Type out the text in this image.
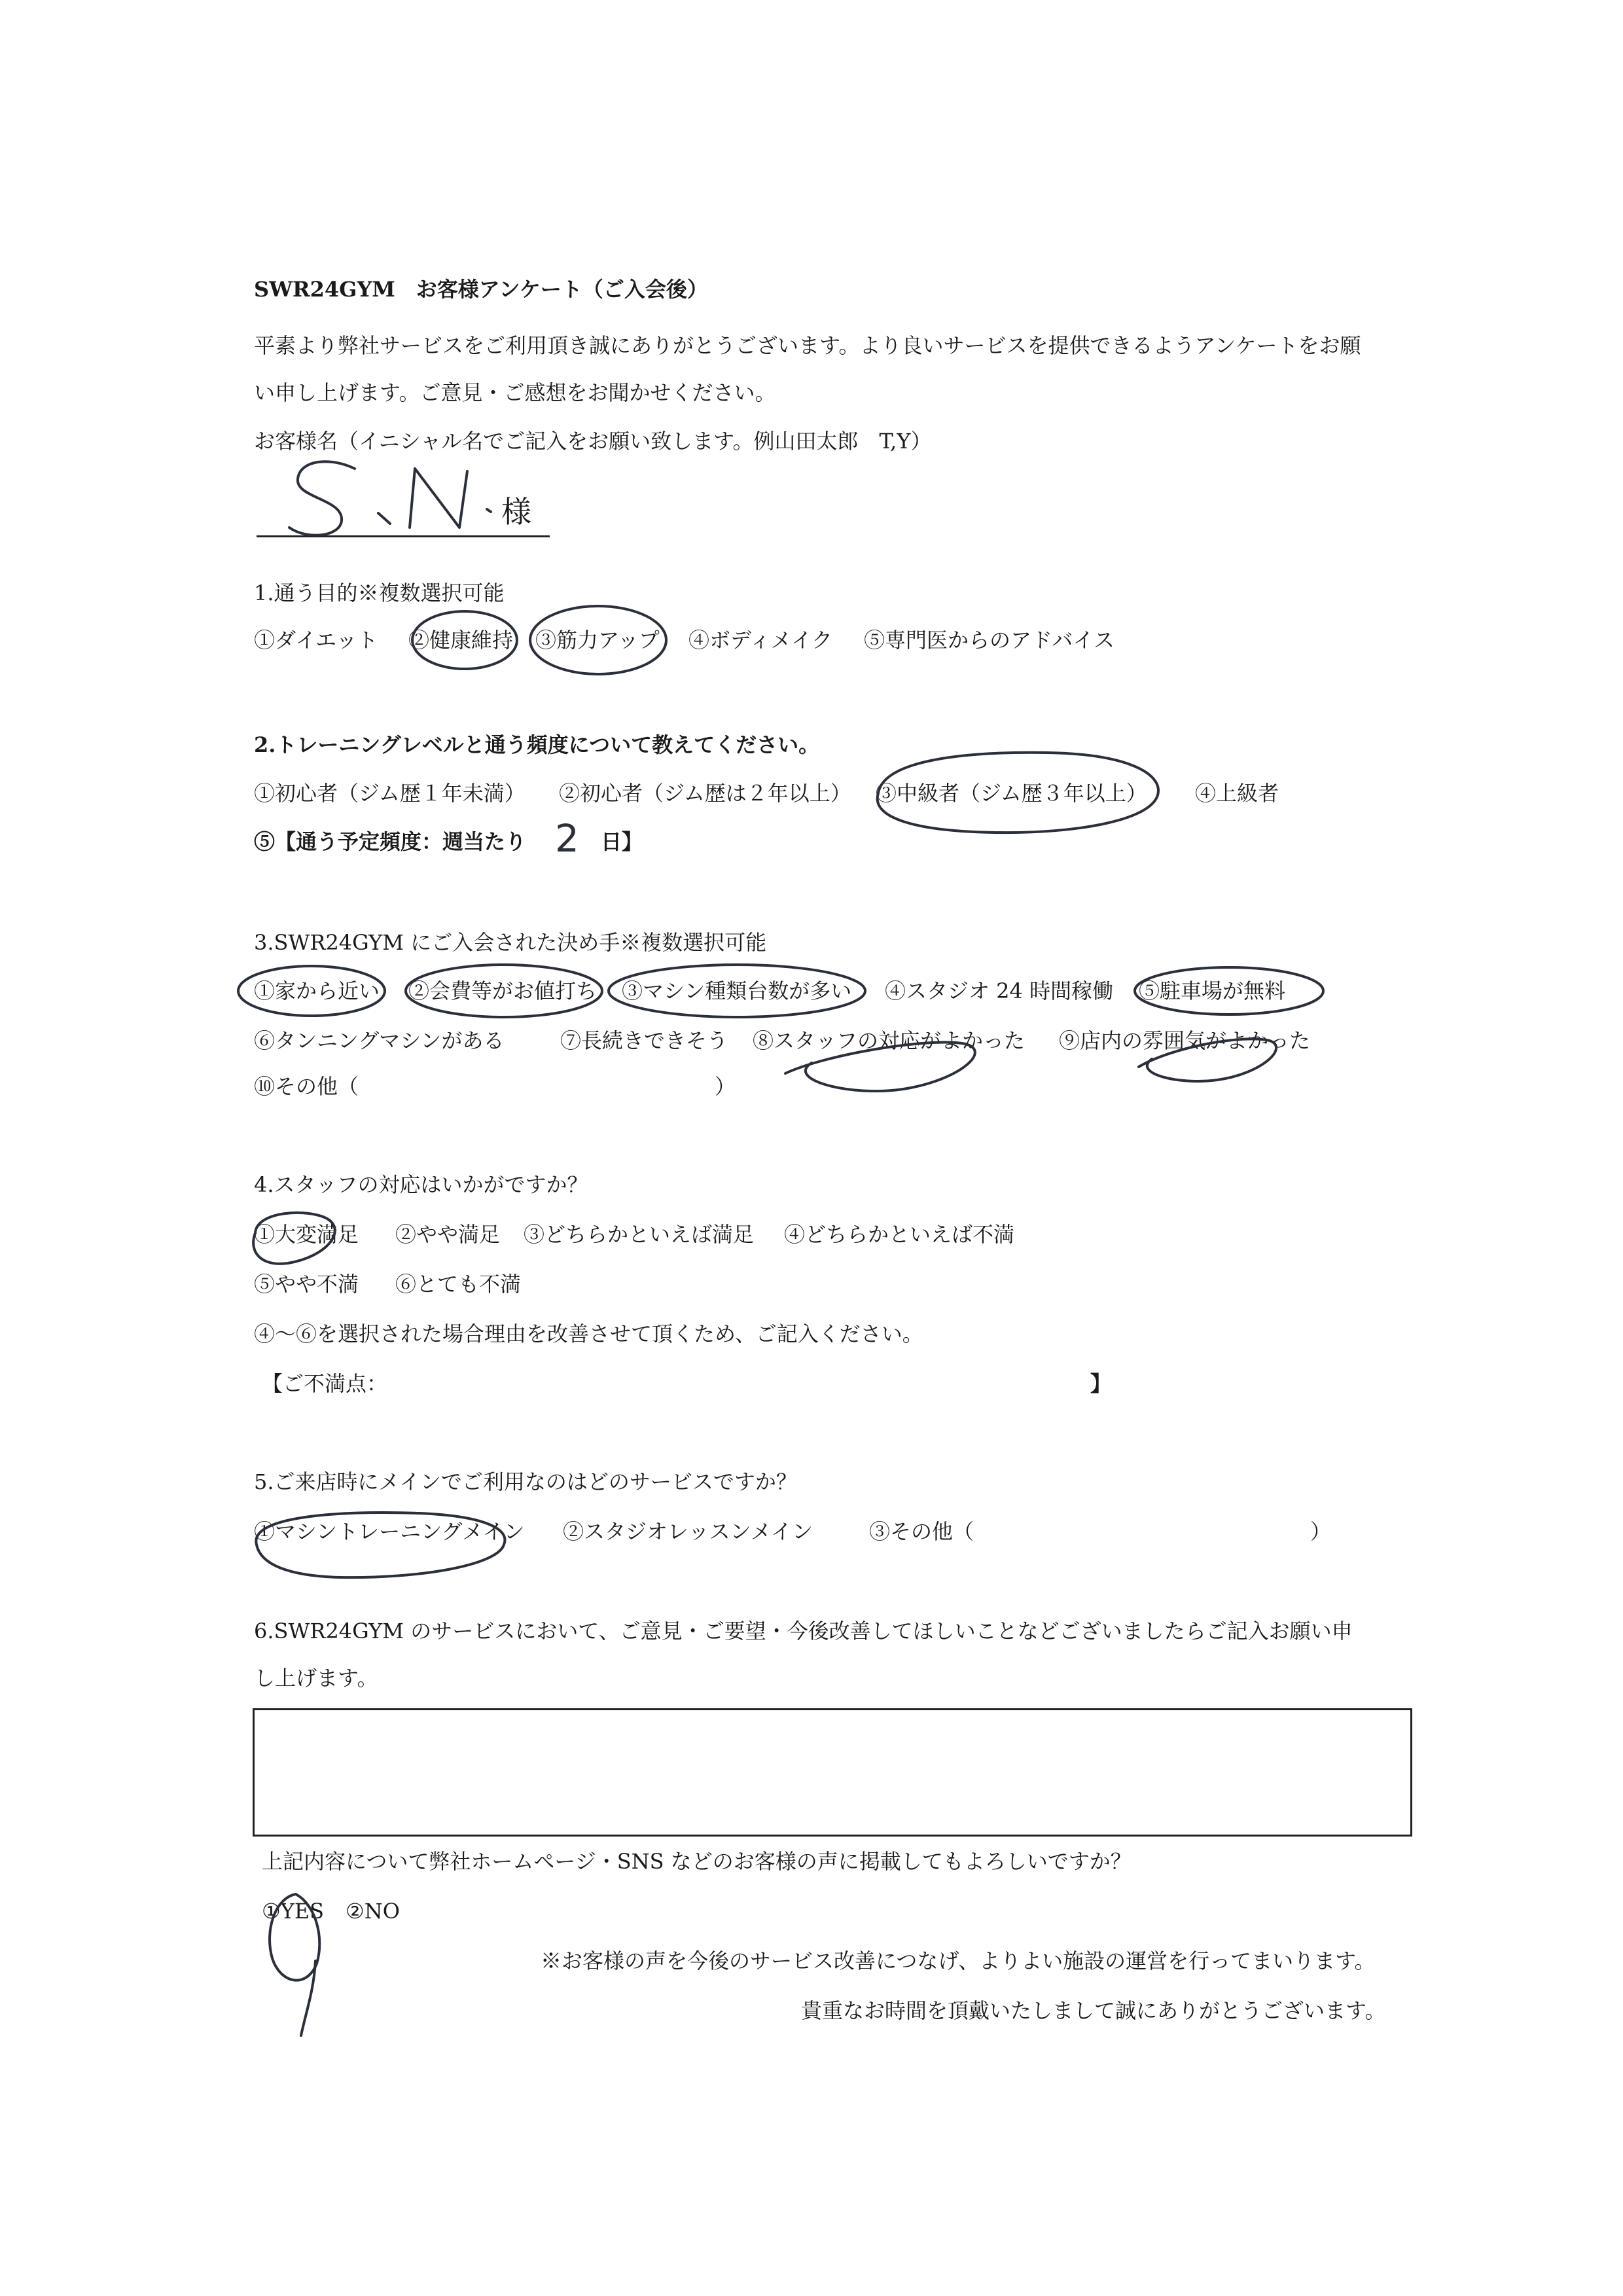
SWR24GYM　お客様アンケート（ご入会後）
平素より弊社サービスをご利用頂き誠にありがとうございます。より良いサービスを提供できるようアンケートをお願
い申し上げます。ご意見・ご感想をお聞かせください。
お客様名（イニシャル名でご記入をお願い致します。例山田太郎　T,Y）
様
1.通う目的※複数選択可能
①ダイエット ②健康維持 ③筋力アップ ④ボディメイク ⑤専門医からのアドバイス
2.トレーニングレベルと通う頻度について教えてください。
①初心者（ジム歴１年未満） ②初心者（ジム歴は２年以上） ③中級者（ジム歴３年以上） ④上級者
⑤【通う予定頻度：週当たり 2 日】
3.SWR24GYM にご入会された決め手※複数選択可能
①家から近い ②会費等がお値打ち ③マシン種類台数が多い ④スタジオ 24 時間稼働 ⑤駐車場が無料
⑥タンニングマシンがある	⑦長続きできそう ⑧スタッフの対応がよかった ⑨店内の雰囲気がよかった
⑩その他（　　　　　　　　　　　　　　　　　）
4.スタッフの対応はいかがですか？
①大変満足 ②やや満足 ③どちらかといえば満足 ④どちらかといえば不満
⑤やや不満 ⑥とても不満
④～⑥を選択された場合理由を改善させて頂くため、ご記入ください。
【ご不満点：	】
5.ご来店時にメインでご利用なのはどのサービスですか？
①マシントレーニングメイン ②スタジオレッスンメイン	③その他（	）
6.SWR24GYM のサービスにおいて、ご意見・ご要望・今後改善してほしいことなどございましたらご記入お願い申
し上げます。
上記内容について弊社ホームページ・SNS などのお客様の声に掲載してもよろしいですか？
①YES ②NO
※お客様の声を今後のサービス改善につなげ、よりよい施設の運営を行ってまいります。
貴重なお時間を頂戴いたしまして誠にありがとうございます。
